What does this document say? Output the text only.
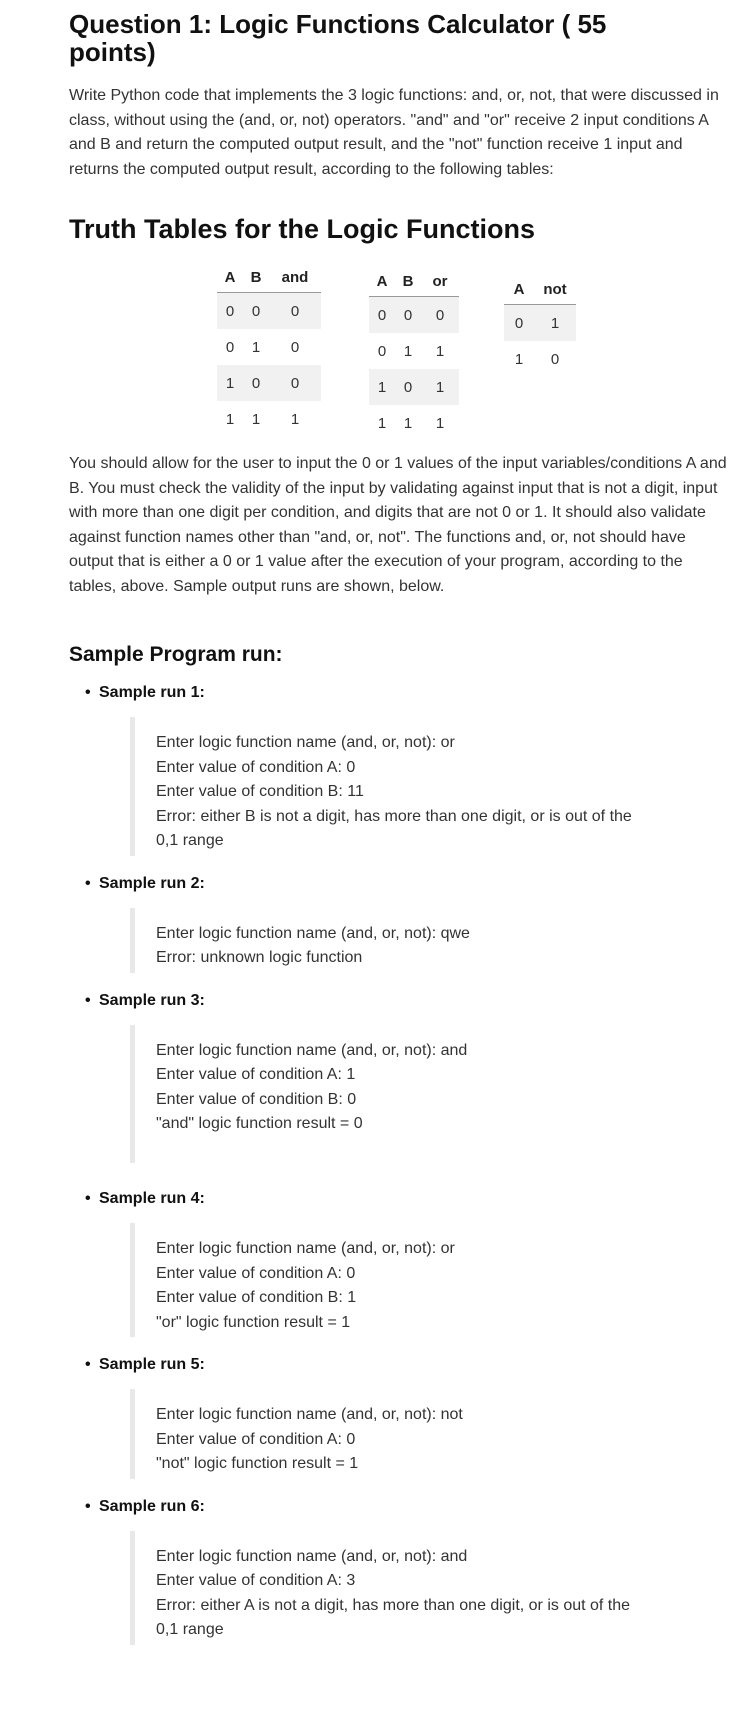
Question 1: Logic Functions Calculator ( 55 points)

Write Python code that implements the 3 logic functions: and, or, not, that were discussed in class, without using the (and, or, not) operators. "and" and "or" receive 2 input conditions A and B and return the computed output result, and the "not" function receive 1 input and returns the computed output result, according to the following tables:

Truth Tables for the Logic Functions
A	B	and
0	0	0
0	1	0
1	0	0
1	1	1
A	B	or
0	0	0
0	1	1
1	0	1
1	1	1
A	not
0	1
1	0

You should allow for the user to input the 0 or 1 values of the input variables/conditions A and B. You must check the validity of the input by validating against input that is not a digit, input with more than one digit per condition, and digits that are not 0 or 1. It should also validate against function names other than "and, or, not". The functions and, or, not should have output that is either a 0 or 1 value after the execution of your program, according to the tables, above. Sample output runs are shown, below.

Sample Program run:
• Sample run 1:
Enter logic function name (and, or, not): or
Enter value of condition A: 0
Enter value of condition B: 11
Error: either B is not a digit, has more than one digit, or is out of the 0,1 range
• Sample run 2:
Enter logic function name (and, or, not): qwe
Error: unknown logic function
• Sample run 3:
Enter logic function name (and, or, not): and
Enter value of condition A: 1
Enter value of condition B: 0
"and" logic function result = 0
• Sample run 4:
Enter logic function name (and, or, not): or
Enter value of condition A: 0
Enter value of condition B: 1
"or" logic function result = 1
• Sample run 5:
Enter logic function name (and, or, not): not
Enter value of condition A: 0
"not" logic function result = 1
• Sample run 6:
Enter logic function name (and, or, not): and
Enter value of condition A: 3
Error: either A is not a digit, has more than one digit, or is out of the 0,1 range
